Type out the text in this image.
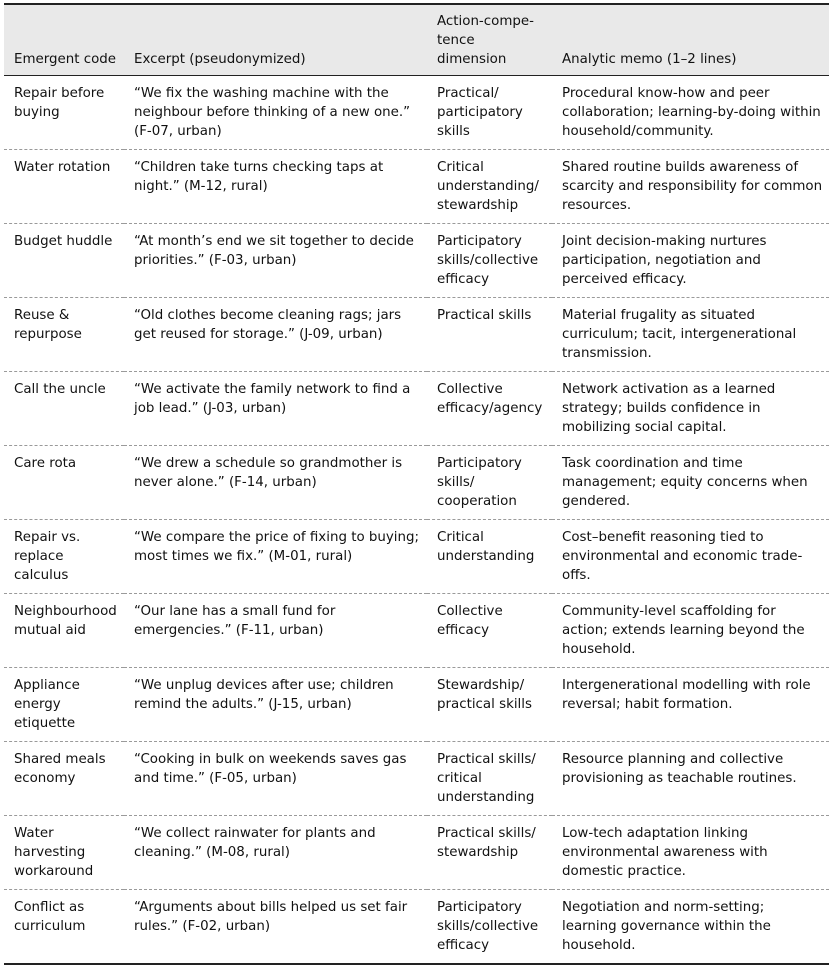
Emergent code	Excerpt (pseudonymized)	Action-compe-
tence dimension	Analytic memo (1–2 lines)
Repair before buying	“We fix the washing machine with the neighbour before thinking of a new one.” (F-07, urban)	Practical/ participatory skills	Procedural know-how and peer collaboration; learning-by-doing within household/community.
Water rotation	“Children take turns checking taps at night.” (M-12, rural)	Critical understanding/ stewardship	Shared routine builds awareness of scarcity and responsibility for common resources.
Budget huddle	“At month’s end we sit together to decide priorities.” (F-03, urban)	Participatory skills/collective efficacy	Joint decision-making nurtures participation, negotiation and perceived efficacy.
Reuse & repurpose	“Old clothes become cleaning rags; jars get reused for storage.” (J-09, urban)	Practical skills	Material frugality as situated curriculum; tacit, intergenerational transmission.
Call the uncle	“We activate the family network to find a job lead.” (J-03, urban)	Collective efficacy/agency	Network activation as a learned strategy; builds confidence in mobilizing social capital.
Care rota	“We drew a schedule so grandmother is never alone.” (F-14, urban)	Participatory skills/ cooperation	Task coordination and time management; equity concerns when gendered.
Repair vs. replace calculus	“We compare the price of fixing to buying; most times we fix.” (M-01, rural)	Critical understanding	Cost–benefit reasoning tied to environmental and economic trade-offs.
Neighbourhood mutual aid	“Our lane has a small fund for emergencies.” (F-11, urban)	Collective efficacy	Community-level scaffolding for action; extends learning beyond the household.
Appliance energy etiquette	“We unplug devices after use; children remind the adults.” (J-15, urban)	Stewardship/ practical skills	Intergenerational modelling with role reversal; habit formation.
Shared meals economy	“Cooking in bulk on weekends saves gas and time.” (F-05, urban)	Practical skills/ critical understanding	Resource planning and collective provisioning as teachable routines.
Water harvesting workaround	“We collect rainwater for plants and cleaning.” (M-08, rural)	Practical skills/ stewardship	Low-tech adaptation linking environmental awareness with domestic practice.
Conflict as curriculum	“Arguments about bills helped us set fair rules.” (F-02, urban)	Participatory skills/collective efficacy	Negotiation and norm-setting; learning governance within the household.
